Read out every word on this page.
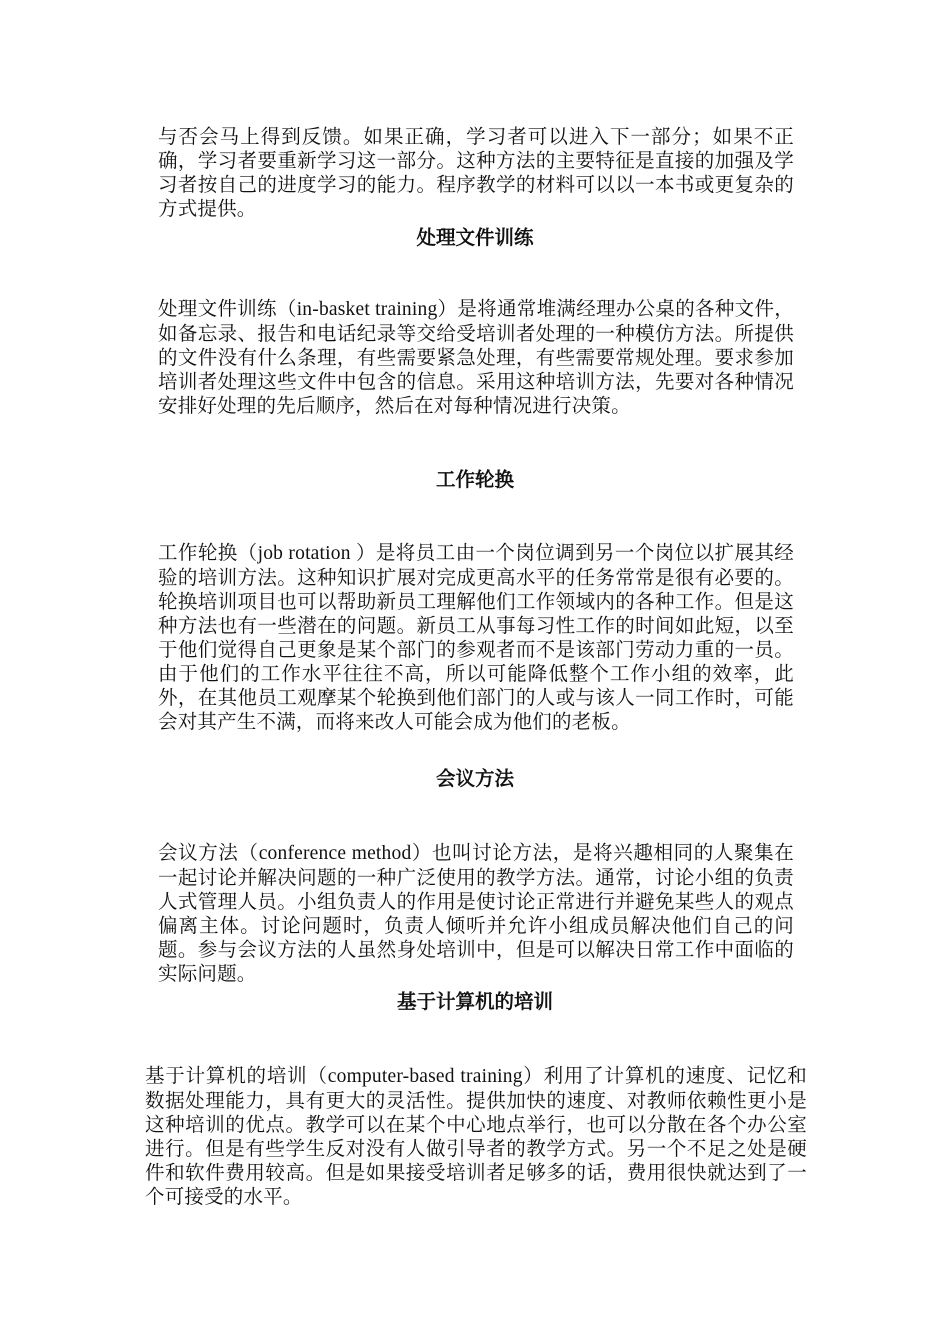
与否会马上得到反馈。如果正确，学习者可以进入下一部分；如果不正确，学习者要重新学习这一部分。这种方法的主要特征是直接的加强及学习者按自己的进度学习的能力。程序教学的材料可以以一本书或更复杂的方式提供。

处理文件训练

处理文件训练（in-basket training）是将通常堆满经理办公桌的各种文件，如备忘录、报告和电话纪录等交给受培训者处理的一种模仿方法。所提供的文件没有什么条理，有些需要紧急处理，有些需要常规处理。要求参加培训者处理这些文件中包含的信息。采用这种培训方法，先要对各种情况安排好处理的先后顺序，然后在对每种情况进行决策。

工作轮换

工作轮换（job rotation ）是将员工由一个岗位调到另一个岗位以扩展其经验的培训方法。这种知识扩展对完成更高水平的任务常常是很有必要的。轮换培训项目也可以帮助新员工理解他们工作领域内的各种工作。但是这种方法也有一些潜在的问题。新员工从事每习性工作的时间如此短，以至于他们觉得自己更象是某个部门的参观者而不是该部门劳动力重的一员。由于他们的工作水平往往不高，所以可能降低整个工作小组的效率，此外，在其他员工观摩某个轮换到他们部门的人或与该人一同工作时，可能会对其产生不满，而将来改人可能会成为他们的老板。

会议方法

会议方法（conference method）也叫讨论方法，是将兴趣相同的人聚集在一起讨论并解决问题的一种广泛使用的教学方法。通常，讨论小组的负责人式管理人员。小组负责人的作用是使讨论正常进行并避免某些人的观点偏离主体。讨论问题时，负责人倾听并允许小组成员解决他们自己的问题。参与会议方法的人虽然身处培训中，但是可以解决日常工作中面临的实际问题。

基于计算机的培训

基于计算机的培训（computer-based training）利用了计算机的速度、记忆和数据处理能力，具有更大的灵活性。提供加快的速度、对教师依赖性更小是这种培训的优点。教学可以在某个中心地点举行，也可以分散在各个办公室进行。但是有些学生反对没有人做引导者的教学方式。另一个不足之处是硬件和软件费用较高。但是如果接受培训者足够多的话，费用很快就达到了一个可接受的水平。
